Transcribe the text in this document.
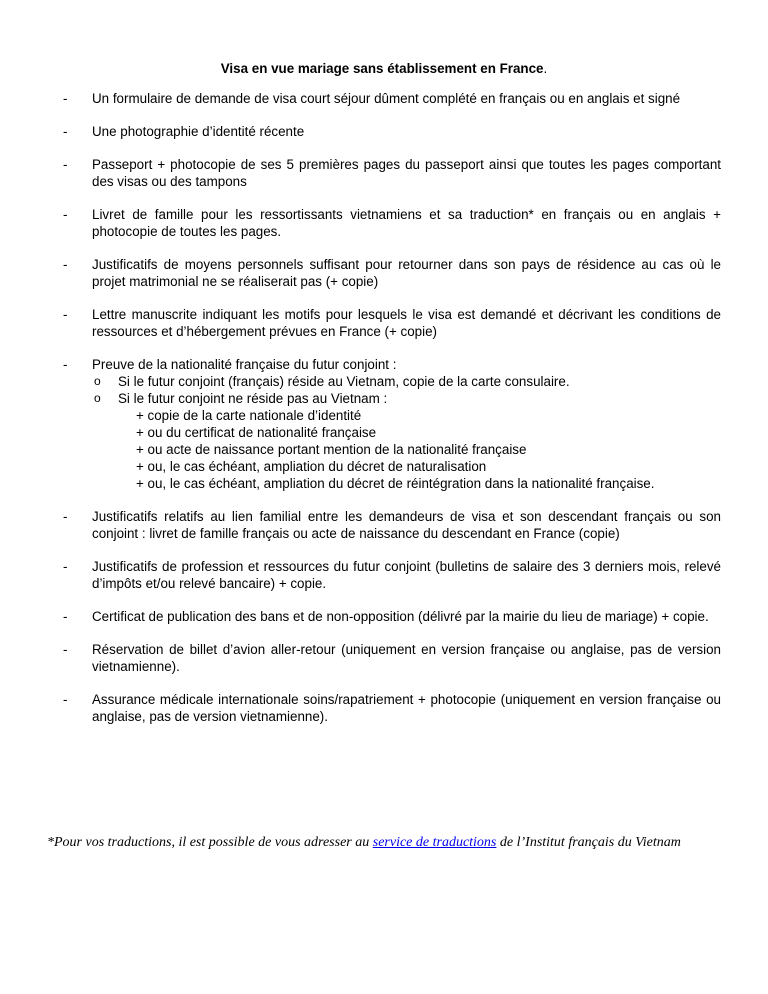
Visa en vue mariage sans établissement en France.
- Un formulaire de demande de visa court séjour dûment complété en français ou en anglais et signé
- Une photographie d’identité récente
- Passeport + photocopie de ses 5 premières pages du passeport ainsi que toutes les pages comportant des visas ou des tampons
- Livret de famille pour les ressortissants vietnamiens et sa traduction* en français ou en anglais + photocopie de toutes les pages.
- Justificatifs de moyens personnels suffisant pour retourner dans son pays de résidence au cas où le projet matrimonial ne se réaliserait pas (+ copie)
- Lettre manuscrite indiquant les motifs pour lesquels le visa est demandé et décrivant les conditions de ressources et d’hébergement prévues en France (+ copie)
- Preuve de la nationalité française du futur conjoint :
o Si le futur conjoint (français) réside au Vietnam, copie de la carte consulaire.
o Si le futur conjoint ne réside pas au Vietnam :
+ copie de la carte nationale d’identité
+ ou du certificat de nationalité française
+ ou acte de naissance portant mention de la nationalité française
+ ou, le cas échéant, ampliation du décret de naturalisation
+ ou, le cas échéant, ampliation du décret de réintégration dans la nationalité française.
- Justificatifs relatifs au lien familial entre les demandeurs de visa et son descendant français ou son conjoint : livret de famille français ou acte de naissance du descendant en France (copie)
- Justificatifs de profession et ressources du futur conjoint (bulletins de salaire des 3 derniers mois, relevé d’impôts et/ou relevé bancaire) + copie.
- Certificat de publication des bans et de non-opposition (délivré par la mairie du lieu de mariage) + copie.
- Réservation de billet d’avion aller-retour (uniquement en version française ou anglaise, pas de version vietnamienne).
- Assurance médicale internationale soins/rapatriement + photocopie (uniquement en version française ou anglaise, pas de version vietnamienne).
*Pour vos traductions, il est possible de vous adresser au service de traductions de l’Institut français du Vietnam
